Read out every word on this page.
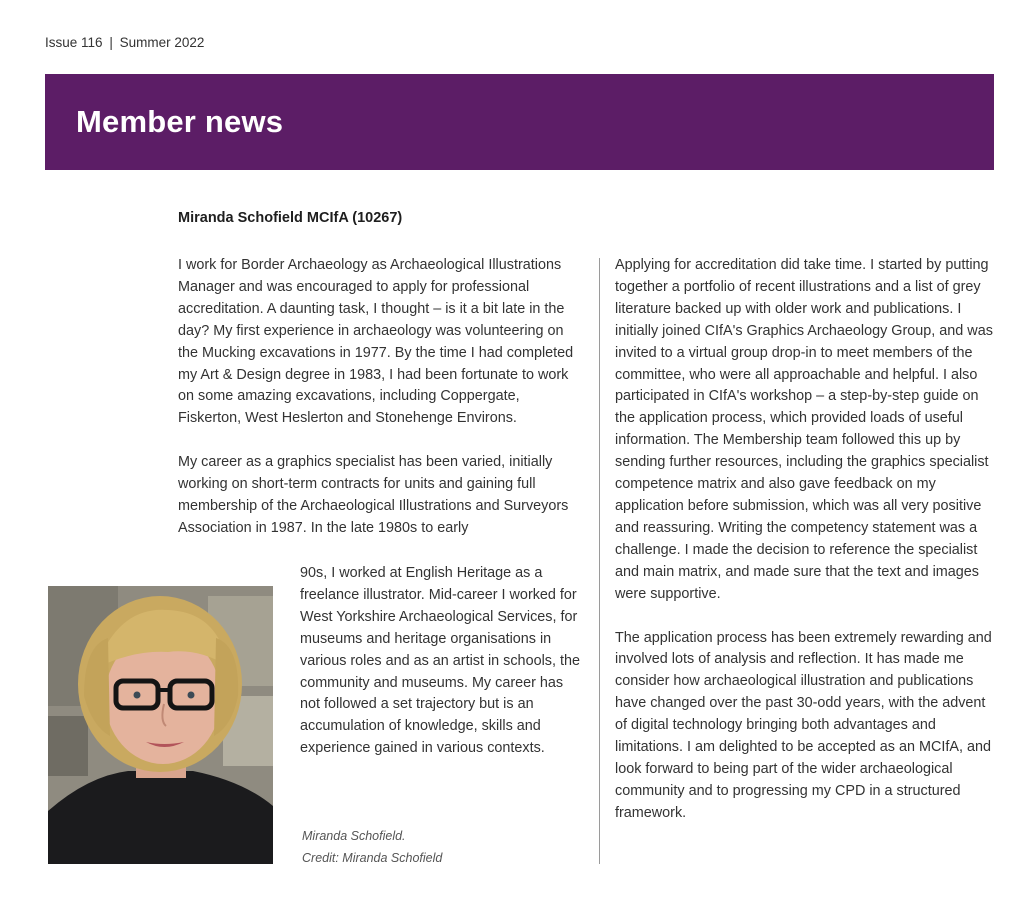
Issue 116 | Summer 2022
Member news
Miranda Schofield MCIfA (10267)

I work for Border Archaeology as Archaeological Illustrations Manager and was encouraged to apply for professional accreditation. A daunting task, I thought – is it a bit late in the day? My first experience in archaeology was volunteering on the Mucking excavations in 1977. By the time I had completed my Art & Design degree in 1983, I had been fortunate to work on some amazing excavations, including Coppergate, Fiskerton, West Heslerton and Stonehenge Environs.

My career as a graphics specialist has been varied, initially working on short-term contracts for units and gaining full membership of the Archaeological Illustrations and Surveyors Association in 1987. In the late 1980s to early

90s, I worked at English Heritage as a freelance illustrator. Mid-career I worked for West Yorkshire Archaeological Services, for museums and heritage organisations in various roles and as an artist in schools, the community and museums. My career has not followed a set trajectory but is an accumulation of knowledge, skills and experience gained in various contexts.

Applying for accreditation did take time. I started by putting together a portfolio of recent illustrations and a list of grey literature backed up with older work and publications. I initially joined CIfA's Graphics Archaeology Group, and was invited to a virtual group drop-in to meet members of the committee, who were all approachable and helpful. I also participated in CIfA's workshop – a step-by-step guide on the application process, which provided loads of useful information. The Membership team followed this up by sending further resources, including the graphics specialist competence matrix and also gave feedback on my application before submission, which was all very positive and reassuring. Writing the competency statement was a challenge. I made the decision to reference the specialist and main matrix, and made sure that the text and images were supportive.

The application process has been extremely rewarding and involved lots of analysis and reflection. It has made me consider how archaeological illustration and publications have changed over the past 30-odd years, with the advent of digital technology bringing both advantages and limitations. I am delighted to be accepted as an MCIfA, and look forward to being part of the wider archaeological community and to progressing my CPD in a structured framework.

Miranda Schofield.
Credit: Miranda Schofield
